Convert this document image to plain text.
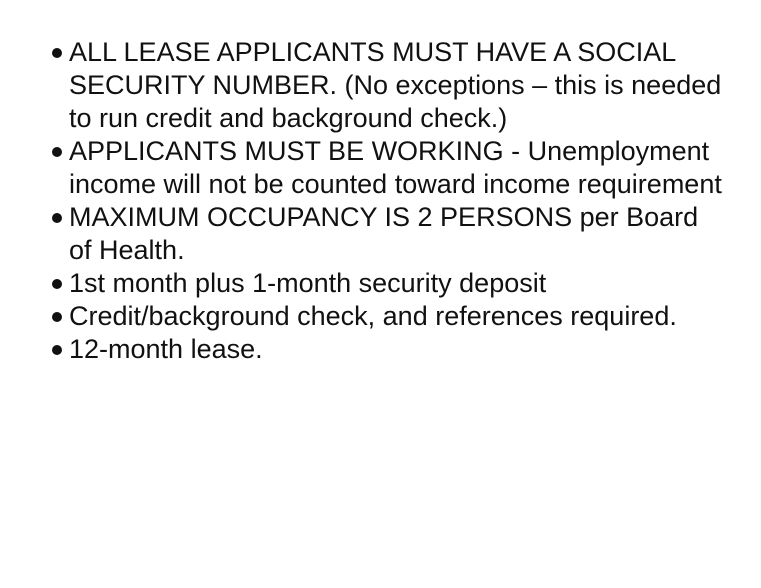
ALL LEASE APPLICANTS MUST HAVE A SOCIAL
SECURITY NUMBER. (No exceptions – this is needed
to run credit and background check.)
APPLICANTS MUST BE WORKING - Unemployment
income will not be counted toward income requirement
MAXIMUM OCCUPANCY IS 2 PERSONS per Board
of Health.
1st month plus 1-month security deposit
Credit/background check, and references required.
12-month lease.
